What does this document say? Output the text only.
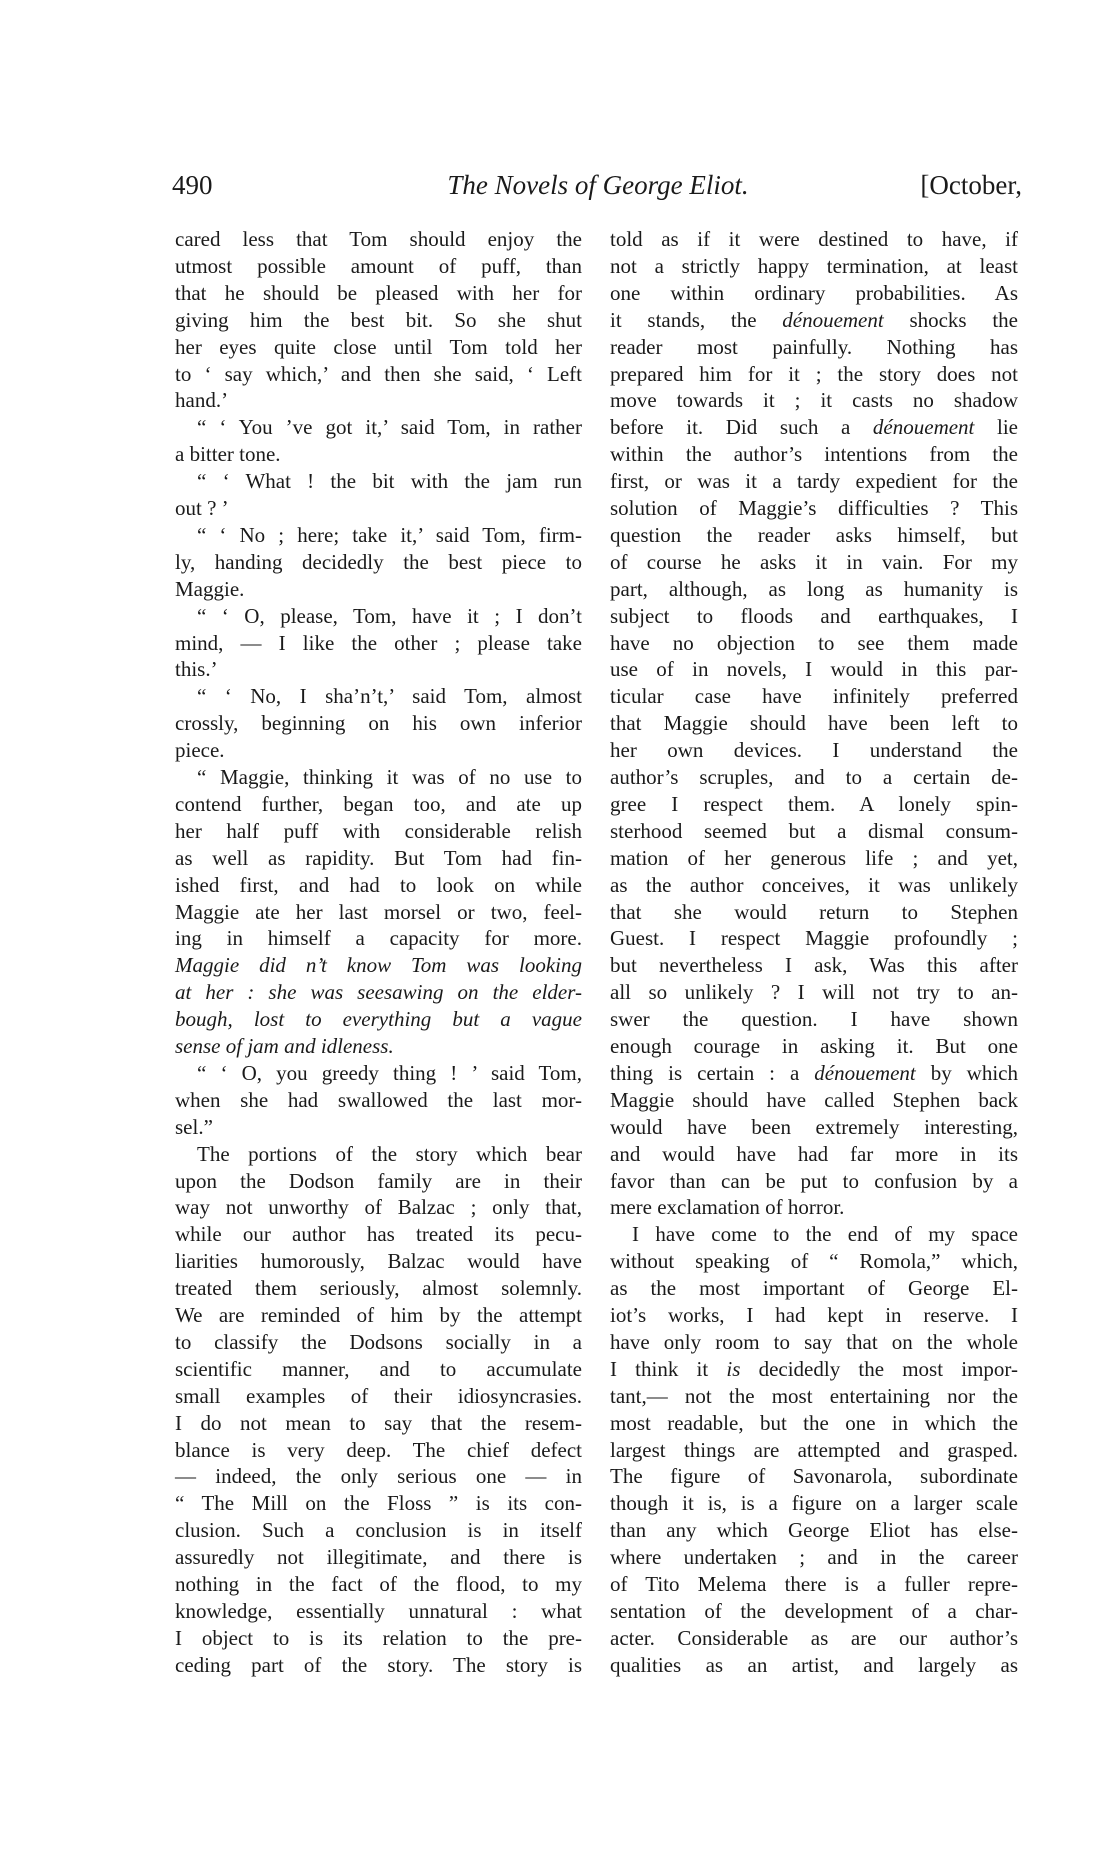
490	The Novels of George Eliot.	[October,
cared less that Tom should enjoy the
utmost possible amount of puff, than
that he should be pleased with her for
giving him the best bit. So she shut
her eyes quite close until Tom told her
to ‘ say which,’ and then she said, ‘ Left
hand.’
“ ‘ You ’ve got it,’ said Tom, in rather
a bitter tone.
“ ‘ What ! the bit with the jam run
out ? ’
“ ‘ No ; here; take it,’ said Tom, firm-
ly, handing decidedly the best piece to
Maggie.
“ ‘ O, please, Tom, have it ; I don’t
mind, — I like the other ; please take
this.’
“ ‘ No, I sha’n’t,’ said Tom, almost
crossly, beginning on his own inferior
piece.
“ Maggie, thinking it was of no use to
contend further, began too, and ate up
her half puff with considerable relish
as well as rapidity. But Tom had fin-
ished first, and had to look on while
Maggie ate her last morsel or two, feel-
ing in himself a capacity for more.
Maggie did n’t know Tom was looking
at her : she was seesawing on the elder-
bough, lost to everything but a vague
sense of jam and idleness.
“ ‘ O, you greedy thing ! ’ said Tom,
when she had swallowed the last mor-
sel.”
The portions of the story which bear
upon the Dodson family are in their
way not unworthy of Balzac ; only that,
while our author has treated its pecu-
liarities humorously, Balzac would have
treated them seriously, almost solemnly.
We are reminded of him by the attempt
to classify the Dodsons socially in a
scientific manner, and to accumulate
small examples of their idiosyncrasies.
I do not mean to say that the resem-
blance is very deep. The chief defect
— indeed, the only serious one — in
“ The Mill on the Floss ” is its con-
clusion. Such a conclusion is in itself
assuredly not illegitimate, and there is
nothing in the fact of the flood, to my
knowledge, essentially unnatural : what
I object to is its relation to the pre-
ceding part of the story. The story is
told as if it were destined to have, if
not a strictly happy termination, at least
one within ordinary probabilities. As
it stands, the dénouement shocks the
reader most painfully. Nothing has
prepared him for it ; the story does not
move towards it ; it casts no shadow
before it. Did such a dénouement lie
within the author’s intentions from the
first, or was it a tardy expedient for the
solution of Maggie’s difficulties ? This
question the reader asks himself, but
of course he asks it in vain. For my
part, although, as long as humanity is
subject to floods and earthquakes, I
have no objection to see them made
use of in novels, I would in this par-
ticular case have infinitely preferred
that Maggie should have been left to
her own devices. I understand the
author’s scruples, and to a certain de-
gree I respect them. A lonely spin-
sterhood seemed but a dismal consum-
mation of her generous life ; and yet,
as the author conceives, it was unlikely
that she would return to Stephen
Guest. I respect Maggie profoundly ;
but nevertheless I ask, Was this after
all so unlikely ? I will not try to an-
swer the question. I have shown
enough courage in asking it. But one
thing is certain : a dénouement by which
Maggie should have called Stephen back
would have been extremely interesting,
and would have had far more in its
favor than can be put to confusion by a
mere exclamation of horror.
I have come to the end of my space
without speaking of “ Romola,” which,
as the most important of George El-
iot’s works, I had kept in reserve. I
have only room to say that on the whole
I think it is decidedly the most impor-
tant,— not the most entertaining nor the
most readable, but the one in which the
largest things are attempted and grasped.
The figure of Savonarola, subordinate
though it is, is a figure on a larger scale
than any which George Eliot has else-
where undertaken ; and in the career
of Tito Melema there is a fuller repre-
sentation of the development of a char-
acter. Considerable as are our author’s
qualities as an artist, and largely as
